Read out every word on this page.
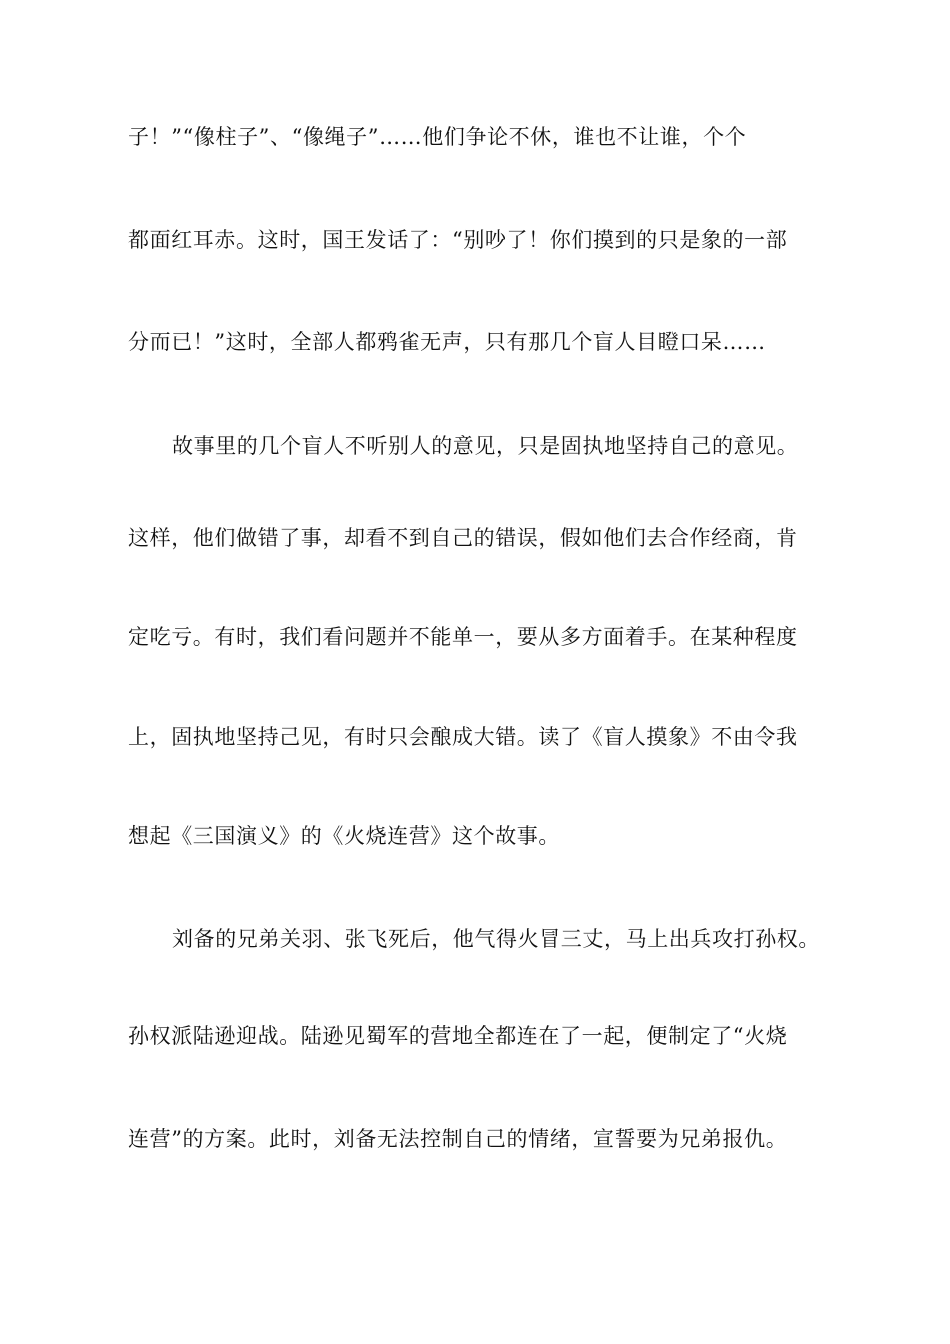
子！”“像柱子”、“像绳子”……他们争论不休，谁也不让谁，个个
都面红耳赤。这时，国王发话了：“别吵了！你们摸到的只是象的一部
分而已！”这时，全部人都鸦雀无声，只有那几个盲人目瞪口呆……
故事里的几个盲人不听别人的意见，只是固执地坚持自己的意见。
这样，他们做错了事，却看不到自己的错误，假如他们去合作经商，肯
定吃亏。有时，我们看问题并不能单一，要从多方面着手。在某种程度
上，固执地坚持己见，有时只会酿成大错。读了《盲人摸象》不由令我
想起《三国演义》的《火烧连营》这个故事。
刘备的兄弟关羽、张飞死后，他气得火冒三丈，马上出兵攻打孙权。
孙权派陆逊迎战。陆逊见蜀军的营地全都连在了一起，便制定了“火烧
连营”的方案。此时，刘备无法控制自己的情绪，宣誓要为兄弟报仇。
